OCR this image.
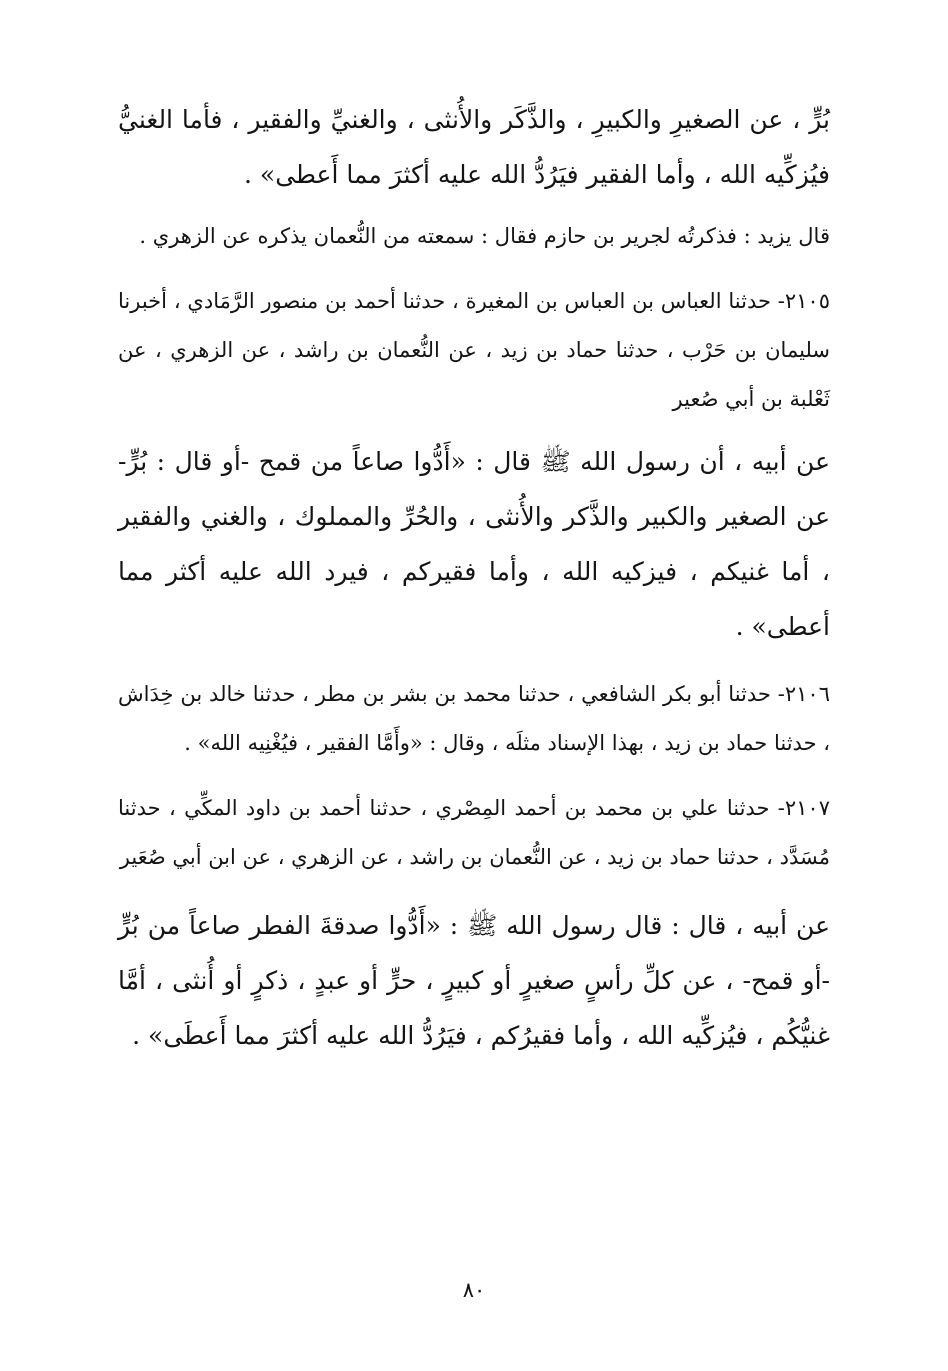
بُرٍّ ، عن الصغيرِ والكبيرِ ، والذَّكَر والأُنثى ، والغنيِّ والفقير ، فأما الغنيُّ فيُزكِّيه الله ، وأما الفقير فيَرُدُّ الله عليه أكثرَ مما أَعطى» .

قال يزيد : فذكرتُه لجرير بن حازم فقال : سمعته من النُّعمان يذكره عن الزهري .

٢١٠٥- حدثنا العباس بن العباس بن المغيرة ، حدثنا أحمد بن منصور الرَّمَادي ، أخبرنا سليمان بن حَرْب ، حدثنا حماد بن زيد ، عن النُّعمان بن راشد ، عن الزهري ، عن ثَعْلبة بن أبي صُعير

عن أبيه ، أن رسول الله ﷺ قال : «أَدُّوا صاعاً من قمح -أو قال : بُرٍّ- عن الصغير والكبير والذَّكر والأُنثى ، والحُرِّ والمملوك ، والغني والفقير ، أما غنيكم ، فيزكيه الله ، وأما فقيركم ، فيرد الله عليه أكثر مما أعطى» .

٢١٠٦- حدثنا أبو بكر الشافعي ، حدثنا محمد بن بشر بن مطر ، حدثنا خالد بن خِدَاش ، حدثنا حماد بن زيد ، بهذا الإسناد مثلَه ، وقال : «وأَمَّا الفقير ، فيُغْنِيه الله» .

٢١٠٧- حدثنا علي بن محمد بن أحمد المِصْري ، حدثنا أحمد بن داود المكِّي ، حدثنا مُسَدَّد ، حدثنا حماد بن زيد ، عن النُّعمان بن راشد ، عن الزهري ، عن ابن أبي صُعَير

عن أبيه ، قال : قال رسول الله ﷺ : «أَدُّوا صدقةَ الفطر صاعاً من بُرٍّ -أو قمح- ، عن كلِّ رأسٍ صغيرٍ أو كبيرٍ ، حرٍّ أو عبدٍ ، ذكرٍ أو أُنثى ، أمَّا غنيُّكُم ، فيُزكِّيه الله ، وأما فقيرُكم ، فيَرُدُّ الله عليه أكثرَ مما أَعطَى» .

٨٠
